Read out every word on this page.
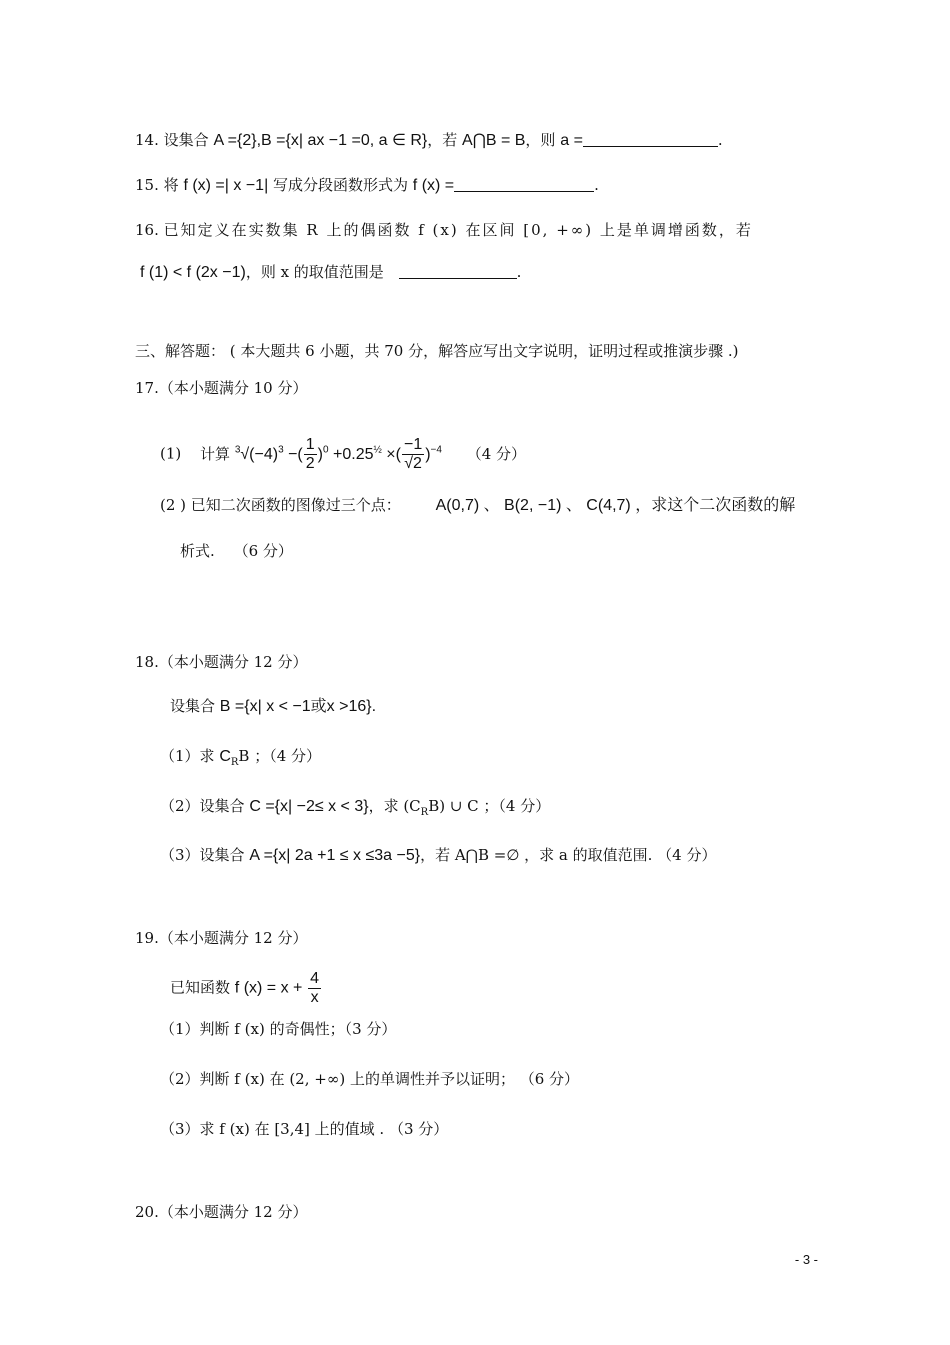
14. 设集合 A ={2},B ={x| ax −1 =0, a ∈ R}，若 A⋂B = B，则 a =	.
15. 将 f (x) =| x −1| 写成分段函数形式为 f (x) =	.
16. 已知定义在实数集 R 上的偶函数 f (x) 在区间 [0, +∞) 上是单调增函数，若
f (1) < f (2x −1)，则 x 的取值范围是	.
三、解答题： ( 本大题共 6 小题，共 70 分，解答应写出文字说明，证明过程或推演步骤 .)
17.（本小题满分 10 分）
(1) 计算 $^3√(-4)^3$ −( $\frac{1}{2} )^0 +0.25^{\frac{1}{2}}$ ×( $\frac{-1}{√2} )^{-4}$ （4 分）
(2 ) 已知二次函数的图像过三个点： A(0,7) 、 B(2, −1) 、 C(4,7) ，求这个二次函数的解
析式. （6 分）
18.（本小题满分 12 分）
设集合 B ={x| x < −1或x >16}.
（1）求 $C_RB$ ；（4 分）
（2）设集合 C ={x| −2≤ x < 3}，求 $(C_RB)$ ∪ C ；（4 分）
（3）设集合 A ={x| 2a +1 ≤ x ≤3a −5}，若 A⋂B =∅ ，求 a 的取值范围. （4 分）
19.（本小题满分 12 分）
已知函数 f $(x) = x + \frac{4}{x}$
（1）判断 f (x) 的奇偶性；（3 分）
（2）判断 f (x) 在 (2, +∞) 上的单调性并予以证明； （6 分）
（3）求 f (x) 在 [3,4] 上的值域 . （3 分）
20.（本小题满分 12 分）
- 3 -
